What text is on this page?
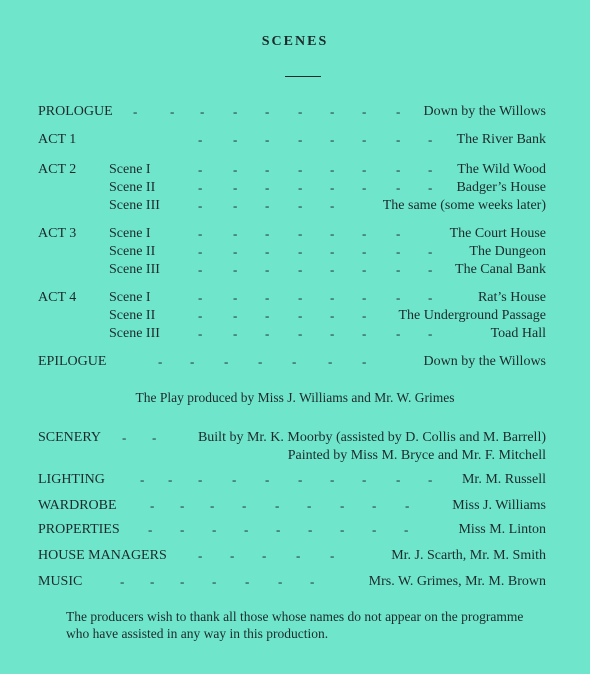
SCENES
PROLOGUE -	- - - - - - - - Down by the Willows
ACT 1	- - - - - - - - The River Bank
ACT 2 Scene I	- - - - - - - - The Wild Wood
Scene II	- - - - - - - - Badger’s House
Scene III	- - - - -	The same (some weeks later)
ACT 3 Scene I	- - - - - - -	The Court House
Scene II	- - - - - - - -	The Dungeon
Scene III	- - - - - - - - The Canal Bank
ACT 4 Scene I	- - - - - - - -	Rat’s House
Scene II	- - - - - - The Underground Passage
Scene III	- - - - - - - -	Toad Hall
EPILOGUE	- - - - - - -	Down by the Willows
The Play produced by Miss J. Williams and Mr. W. Grimes
SCENERY - -	Built by Mr. K. Moorby (assisted by D. Collis and M. Barrell)
Painted by Miss M. Bryce and Mr. F. Mitchell
LIGHTING	- - - - - - - - - - Mr. M. Russell
WARDROBE	- - - - - - - - -	Miss J. Williams
PROPERTIES - - - - - - - - -	Miss M. Linton
HOUSE MANAGERS - - - - -	Mr. J. Scarth, Mr. M. Smith
MUSIC	- - - - - - -	Mrs. W. Grimes, Mr. M. Brown
The producers wish to thank all those whose names do not appear on the programme who have assisted in any way in this production.
